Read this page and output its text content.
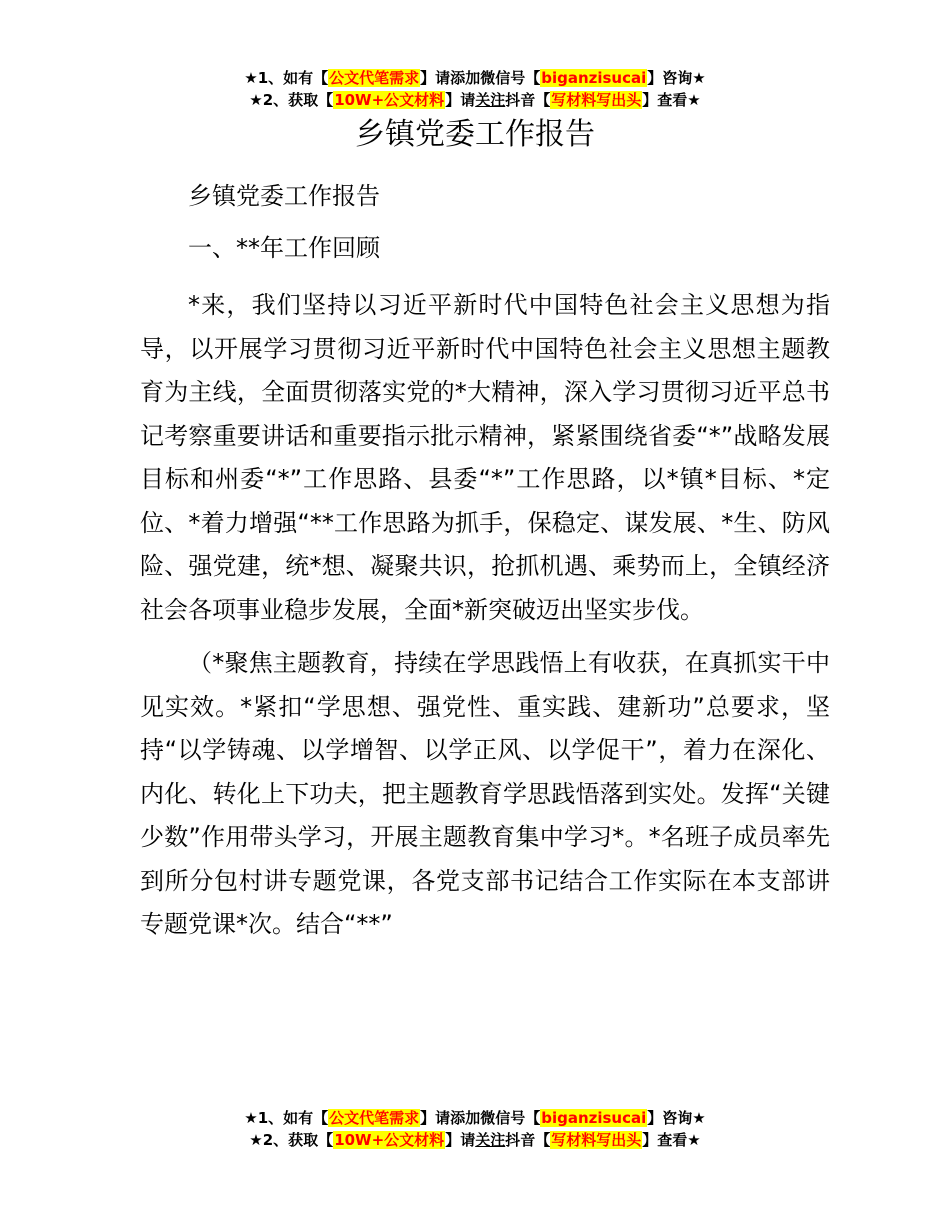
★1、如有【公文代笔需求】请添加微信号【biganzisucai】咨询★
★2、获取【10W+公文材料】请关注抖音【写材料写出头】查看★
乡镇党委工作报告

乡镇党委工作报告

一、**年工作回顾

*来，我们坚持以习近平新时代中国特色社会主义思想为指导，以开展学习贯彻习近平新时代中国特色社会主义思想主题教育为主线，全面贯彻落实党的*大精神，深入学习贯彻习近平总书记考察重要讲话和重要指示批示精神，紧紧围绕省委“*”战略发展目标和州委“*”工作思路、县委“*”工作思路，以*镇*目标、*定位、*着力增强“**工作思路为抓手，保稳定、谋发展、*生、防风险、强党建，统*想、凝聚共识，抢抓机遇、乘势而上，全镇经济社会各项事业稳步发展，全面*新突破迈出坚实步伐。

（*聚焦主题教育，持续在学思践悟上有收获，在真抓实干中见实效。*紧扣“学思想、强党性、重实践、建新功”总要求，坚持“以学铸魂、以学增智、以学正风、以学促干”，着力在深化、内化、转化上下功夫，把主题教育学思践悟落到实处。发挥“关键少数”作用带头学习，开展主题教育集中学习*。*名班子成员率先到所分包村讲专题党课，各党支部书记结合工作实际在本支部讲专题党课*次。结合“**”

★1、如有【公文代笔需求】请添加微信号【biganzisucai】咨询★
★2、获取【10W+公文材料】请关注抖音【写材料写出头】查看★
